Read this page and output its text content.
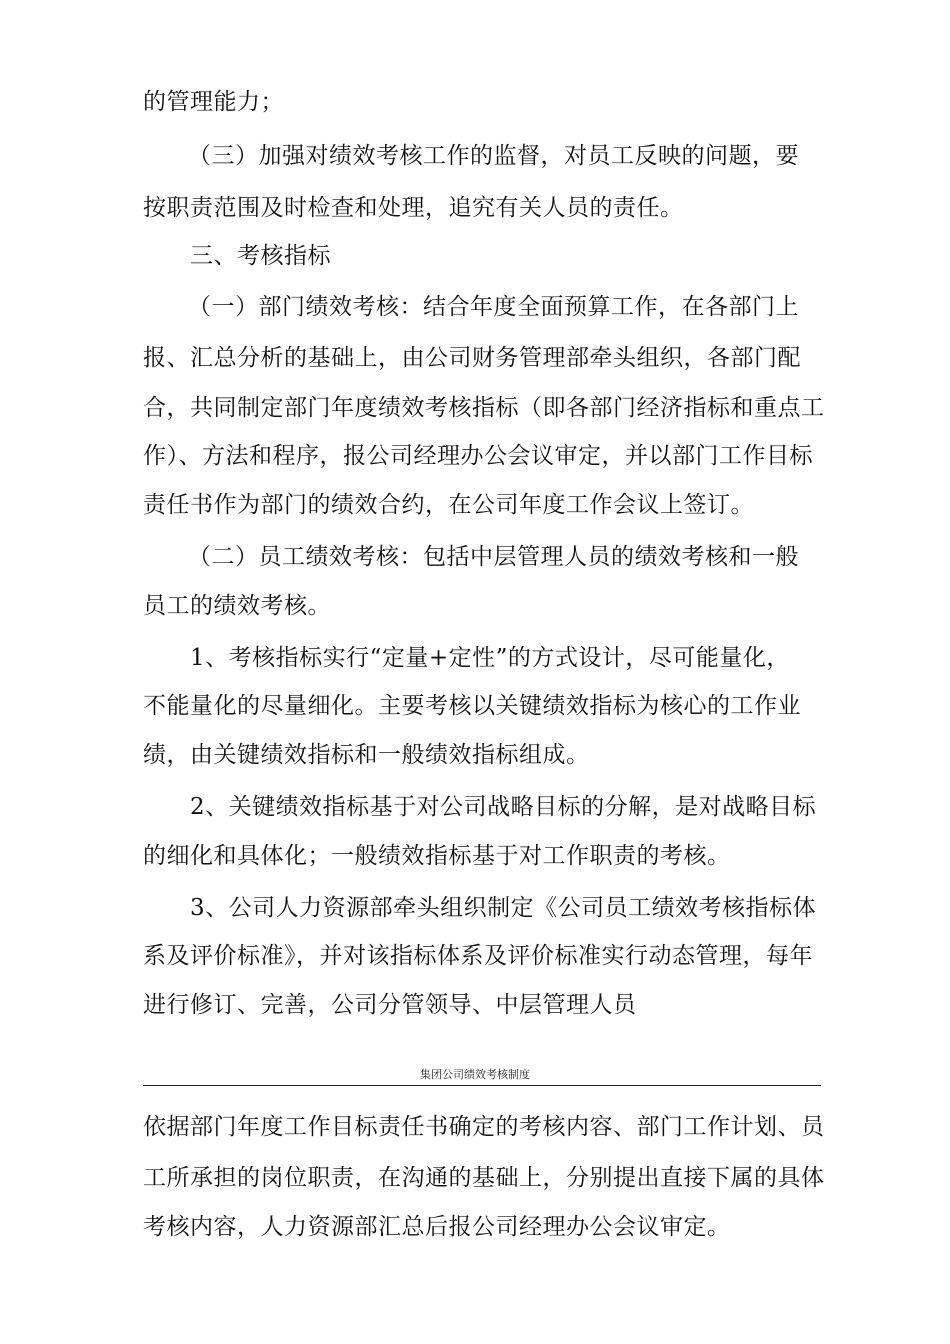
的管理能力；
（三）加强对绩效考核工作的监督，对员工反映的问题，要
按职责范围及时检查和处理，追究有关人员的责任。
三、考核指标
（一）部门绩效考核：结合年度全面预算工作，在各部门上
报、汇总分析的基础上，由公司财务管理部牵头组织，各部门配
合，共同制定部门年度绩效考核指标（即各部门经济指标和重点工
作）、方法和程序，报公司经理办公会议审定，并以部门工作目标
责任书作为部门的绩效合约，在公司年度工作会议上签订。
（二）员工绩效考核：包括中层管理人员的绩效考核和一般
员工的绩效考核。
1、考核指标实行“定量+定性”的方式设计，尽可能量化，
不能量化的尽量细化。主要考核以关键绩效指标为核心的工作业
绩，由关键绩效指标和一般绩效指标组成。
2、关键绩效指标基于对公司战略目标的分解，是对战略目标
的细化和具体化；一般绩效指标基于对工作职责的考核。
3、公司人力资源部牵头组织制定《公司员工绩效考核指标体
系及评价标准》，并对该指标体系及评价标准实行动态管理，每年
进行修订、完善，公司分管领导、中层管理人员
集团公司绩效考核制度
依据部门年度工作目标责任书确定的考核内容、部门工作计划、员
工所承担的岗位职责，在沟通的基础上，分别提出直接下属的具体
考核内容，人力资源部汇总后报公司经理办公会议审定。
